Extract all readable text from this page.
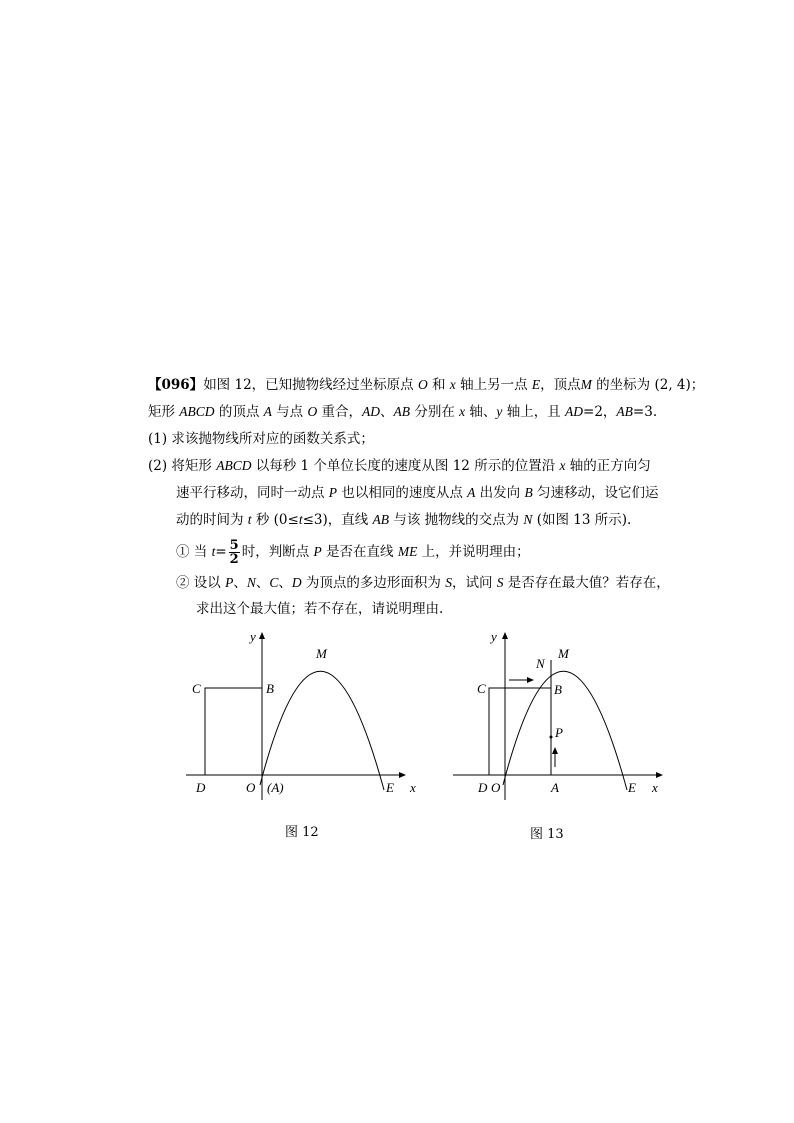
【096】如图 12，已知抛物线经过坐标原点 O 和 x 轴上另一点 E，顶点M 的坐标为 (2, 4)；
矩形 ABCD 的顶点 A 与点 O 重合，AD、AB 分别在 x 轴、y 轴上，且 AD=2，AB=3.
(1) 求该抛物线所对应的函数关系式；
(2) 将矩形 ABCD 以每秒 1 个单位长度的速度从图 12 所示的位置沿 x 轴的正方向匀
速平行移动，同时一动点 P 也以相同的速度从点 A 出发向 B 匀速移动，设它们运
动的时间为 t 秒 (0≤t≤3)，直线 AB 与该 抛物线的交点为 N (如图 13 所示).
① 当 $t= \frac{5}{2}$ 时，判断点 P 是否在直线 ME 上，并说明理由；
② 设以 P、N、C、D 为顶点的多边形面积为 S，试问 S 是否存在最大值？若存在，
求出这个最大值；若不存在，请说明理由.
y
M
C	B
D	O (A)	E x
图 12
y
N
M
C	B
P
D O	A	E x
图 13
